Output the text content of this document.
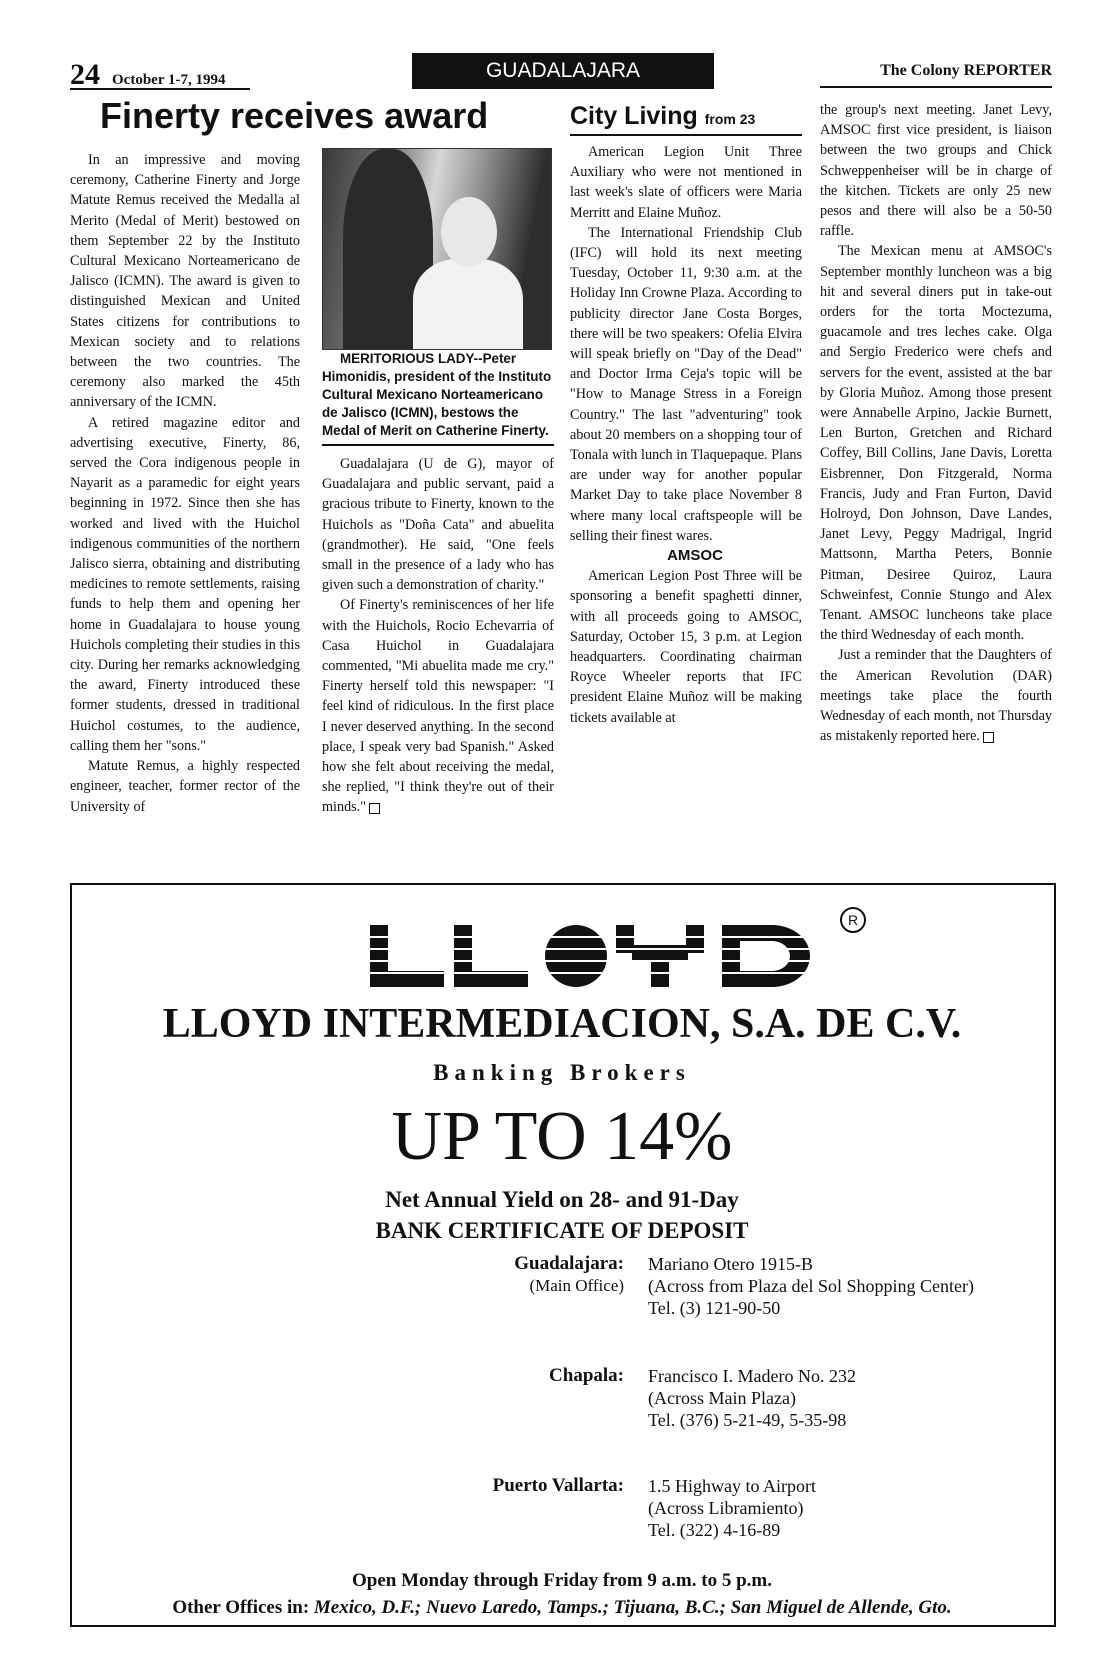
24 October 1-7, 1994	GUADALAJARA	The Colony REPORTER
Finerty receives award

In an impressive and moving ceremony, Catherine Finerty and Jorge Matute Remus received the Medalla al Merito (Medal of Merit) bestowed on them September 22 by the Instituto Cultural Mexicano Norteamericano de Jalisco (ICMN). The award is given to distinguished Mexican and United States citizens for contributions to Mexican society and to relations between the two countries. The ceremony also marked the 45th anniversary of the ICMN.

A retired magazine editor and advertising executive, Finerty, 86, served the Cora indigenous people in Nayarit as a paramedic for eight years beginning in 1972. Since then she has worked and lived with the Huichol indigenous communities of the northern Jalisco sierra, obtaining and distributing medicines to remote settlements, raising funds to help them and opening her home in Guadalajara to house young Huichols completing their studies in this city. During her remarks acknowledging the award, Finerty introduced these former students, dressed in traditional Huichol costumes, to the audience, calling them her "sons."

Matute Remus, a highly respected engineer, teacher, former rector of the University of

MERITORIOUS LADY--Peter Himonidis, president of the Instituto Cultural Mexicano Norteamericano de Jalisco (ICMN), bestows the Medal of Merit on Catherine Finerty.

Guadalajara (U de G), mayor of Guadalajara and public servant, paid a gracious tribute to Finerty, known to the Huichols as "Doña Cata" and abuelita (grandmother). He said, "One feels small in the presence of a lady who has given such a demonstration of charity."

Of Finerty's reminiscences of her life with the Huichols, Rocio Echevarria of Casa Huichol in Guadalajara commented, "Mi abuelita made me cry." Finerty herself told this newspaper: "I feel kind of ridiculous. In the first place I never deserved anything. In the second place, I speak very bad Spanish." Asked how she felt about receiving the medal, she replied, "I think they're out of their minds."

City Living from 23

American Legion Unit Three Auxiliary who were not mentioned in last week's slate of officers were Maria Merritt and Elaine Muñoz.

The International Friendship Club (IFC) will hold its next meeting Tuesday, October 11, 9:30 a.m. at the Holiday Inn Crowne Plaza. According to publicity director Jane Costa Borges, there will be two speakers: Ofelia Elvira will speak briefly on "Day of the Dead" and Doctor Irma Ceja's topic will be "How to Manage Stress in a Foreign Country." The last "adventuring" took about 20 members on a shopping tour of Tonala with lunch in Tlaquepaque. Plans are under way for another popular Market Day to take place November 8 where many local craftspeople will be selling their finest wares.

AMSOC

American Legion Post Three will be sponsoring a benefit spaghetti dinner, with all proceeds going to AMSOC, Saturday, October 15, 3 p.m. at Legion headquarters. Coordinating chairman Royce Wheeler reports that IFC president Elaine Muñoz will be making tickets available at

the group's next meeting. Janet Levy, AMSOC first vice president, is liaison between the two groups and Chick Schweppenheiser will be in charge of the kitchen. Tickets are only 25 new pesos and there will also be a 50-50 raffle.

The Mexican menu at AMSOC's September monthly luncheon was a big hit and several diners put in take-out orders for the torta Moctezuma, guacamole and tres leches cake. Olga and Sergio Frederico were chefs and servers for the event, assisted at the bar by Gloria Muñoz. Among those present were Annabelle Arpino, Jackie Burnett, Len Burton, Gretchen and Richard Coffey, Bill Collins, Jane Davis, Loretta Eisbrenner, Don Fitzgerald, Norma Francis, Judy and Fran Furton, David Holroyd, Don Johnson, Dave Landes, Janet Levy, Peggy Madrigal, Ingrid Mattsonn, Martha Peters, Bonnie Pitman, Desiree Quiroz, Laura Schweinfest, Connie Stungo and Alex Tenant. AMSOC luncheons take place the third Wednesday of each month.

Just a reminder that the Daughters of the American Revolution (DAR) meetings take place the fourth Wednesday of each month, not Thursday as mistakenly reported here.

R
LLOYD INTERMEDIACION, S.A. DE C.V.
Banking Brokers
UP TO 14%
Net Annual Yield on 28- and 91-Day
BANK CERTIFICATE OF DEPOSIT
Guadalajara:
(Main Office)
Mariano Otero 1915-B
(Across from Plaza del Sol Shopping Center)
Tel. (3) 121-90-50
Chapala: Francisco I. Madero No. 232
(Across Main Plaza)
Tel. (376) 5-21-49, 5-35-98
Puerto Vallarta: 1.5 Highway to Airport
(Across Libramiento)
Tel. (322) 4-16-89
Open Monday through Friday from 9 a.m. to 5 p.m.
Other Offices in: Mexico, D.F.; Nuevo Laredo, Tamps.; Tijuana, B.C.; San Miguel de Allende, Gto.
